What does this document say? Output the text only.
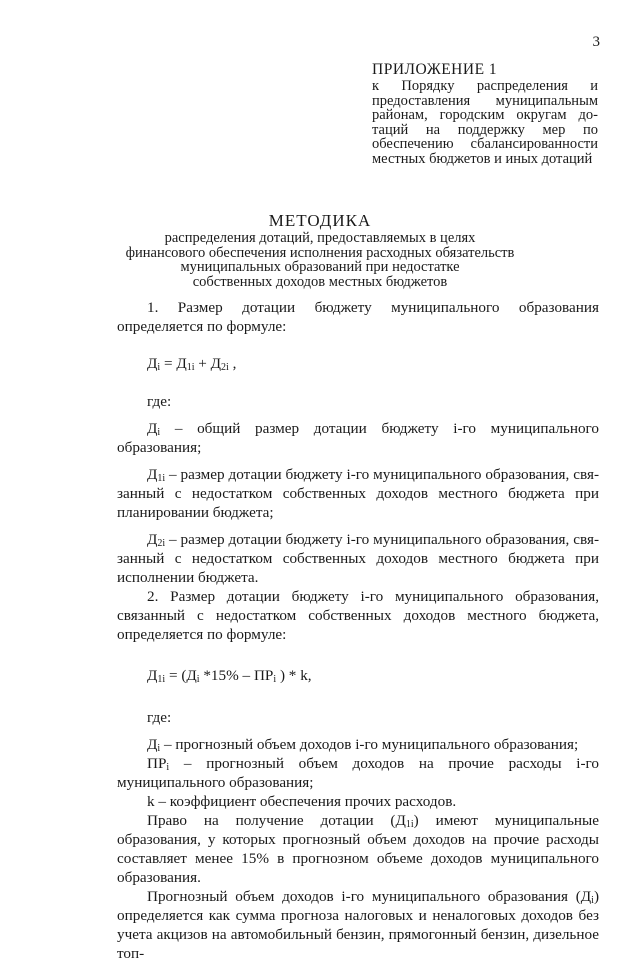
3
ПРИЛОЖЕНИЕ 1
к Порядку распределения и предоставления муниципальным районам, городским округам дотаций на поддержку мер по обеспечению сбалансированности местных бюджетов и иных дотаций
МЕТОДИКА
распределения дотаций, предоставляемых в целях
финансового обеспечения исполнения расходных обязательств
муниципальных образований при недостатке
собственных доходов местных бюджетов

1. Размер дотации бюджету муниципального образования определяется по формуле:

$Д_i = Д_{1i} + Д_{2i}$ ,

где:

$Д_i$ – общий размер дотации бюджету i-го муниципального образования;

$Д_{1i}$ – размер дотации бюджету i-го муниципального образования, связанный с недостатком собственных доходов местного бюджета при планировании бюджета;

$Д_{2i}$ – размер дотации бюджету i-го муниципального образования, связанный с недостатком собственных доходов местного бюджета при исполнении бюджета.

2. Размер дотации бюджету i-го муниципального образования, связанный с недостатком собственных доходов местного бюджета, определяется по формуле:

$Д_{1i} = (Д_i$ $*15\% - ПР_i$ ) * k,

где:

$Д_i$ – прогнозный объем доходов i-го муниципального образования;

$ПР_i$ – прогнозный объем доходов на прочие расходы i-го муниципального образования;

k – коэффициент обеспечения прочих расходов.

Право на получение дотации $(Д_{1i})$ имеют муниципальные образования, у которых прогнозный объем доходов на прочие расходы составляет менее 15% в прогнозном объеме доходов муниципального образования.

Прогнозный объем доходов i-го муниципального образования $(Д_i)$ определяется как сумма прогноза налоговых и неналоговых доходов без учета акцизов на автомобильный бензин, прямогонный бензин, дизельное топ-
